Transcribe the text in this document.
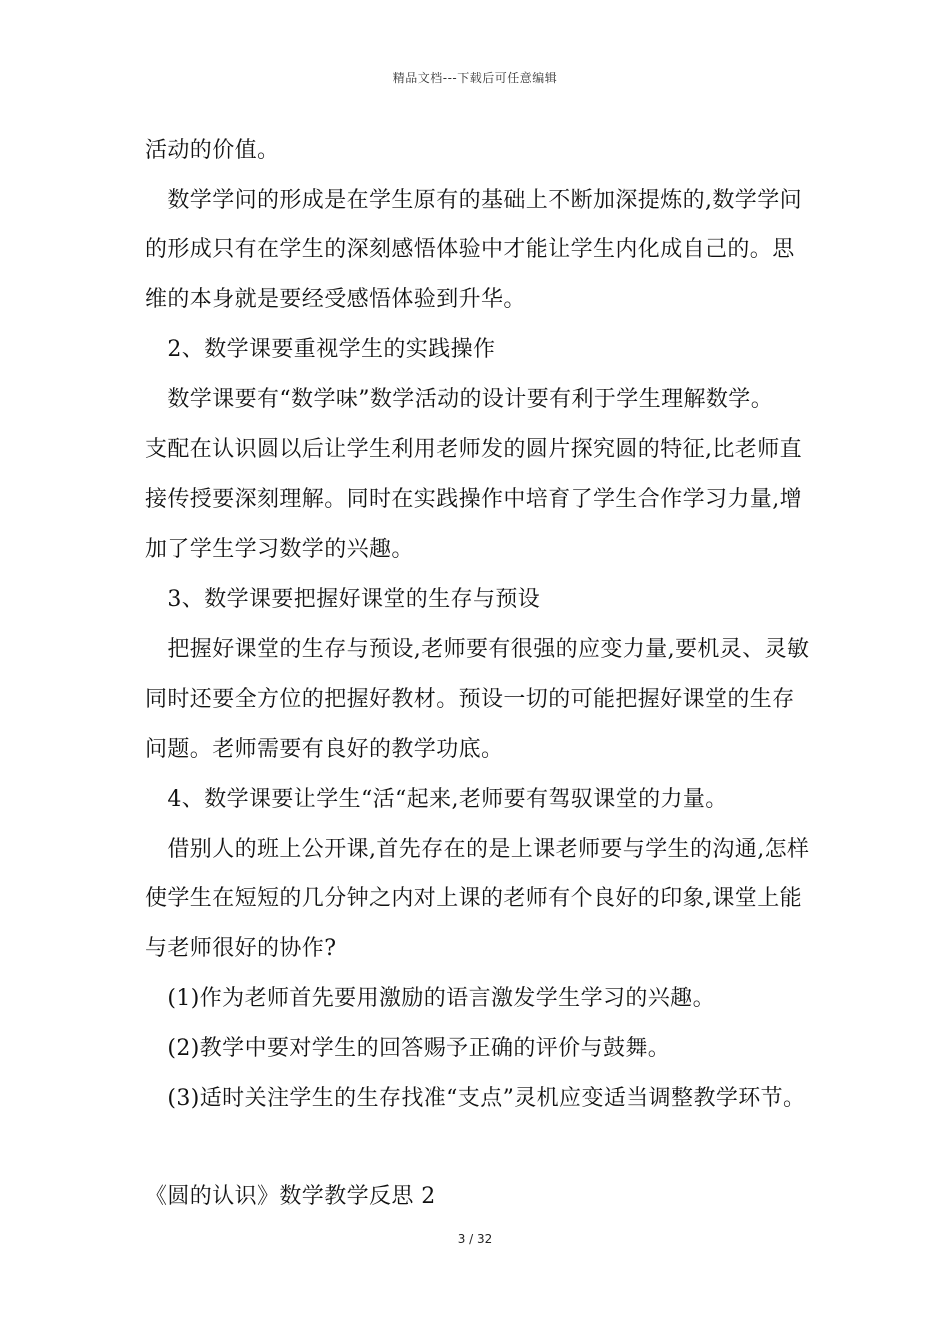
精品文档---下载后可任意编辑
活动的价值。
　数学学问的形成是在学生原有的基础上不断加深提炼的,数学学问
的形成只有在学生的深刻感悟体验中才能让学生内化成自己的。思
维的本身就是要经受感悟体验到升华。
　2、数学课要重视学生的实践操作
　数学课要有“数学味”数学活动的设计要有利于学生理解数学。
支配在认识圆以后让学生利用老师发的圆片探究圆的特征,比老师直
接传授要深刻理解。同时在实践操作中培育了学生合作学习力量,增
加了学生学习数学的兴趣。
　3、数学课要把握好课堂的生存与预设
　把握好课堂的生存与预设,老师要有很强的应变力量,要机灵、灵敏
同时还要全方位的把握好教材。预设一切的可能把握好课堂的生存
问题。老师需要有良好的教学功底。
　4、数学课要让学生“活“起来,老师要有驾驭课堂的力量。
　借别人的班上公开课,首先存在的是上课老师要与学生的沟通,怎样
使学生在短短的几分钟之内对上课的老师有个良好的印象,课堂上能
与老师很好的协作?
　(1)作为老师首先要用激励的语言激发学生学习的兴趣。
　(2)教学中要对学生的回答赐予正确的评价与鼓舞。
　(3)适时关注学生的生存找准“支点”灵机应变适当调整教学环节。
《圆的认识》数学教学反思 2
3 / 32
